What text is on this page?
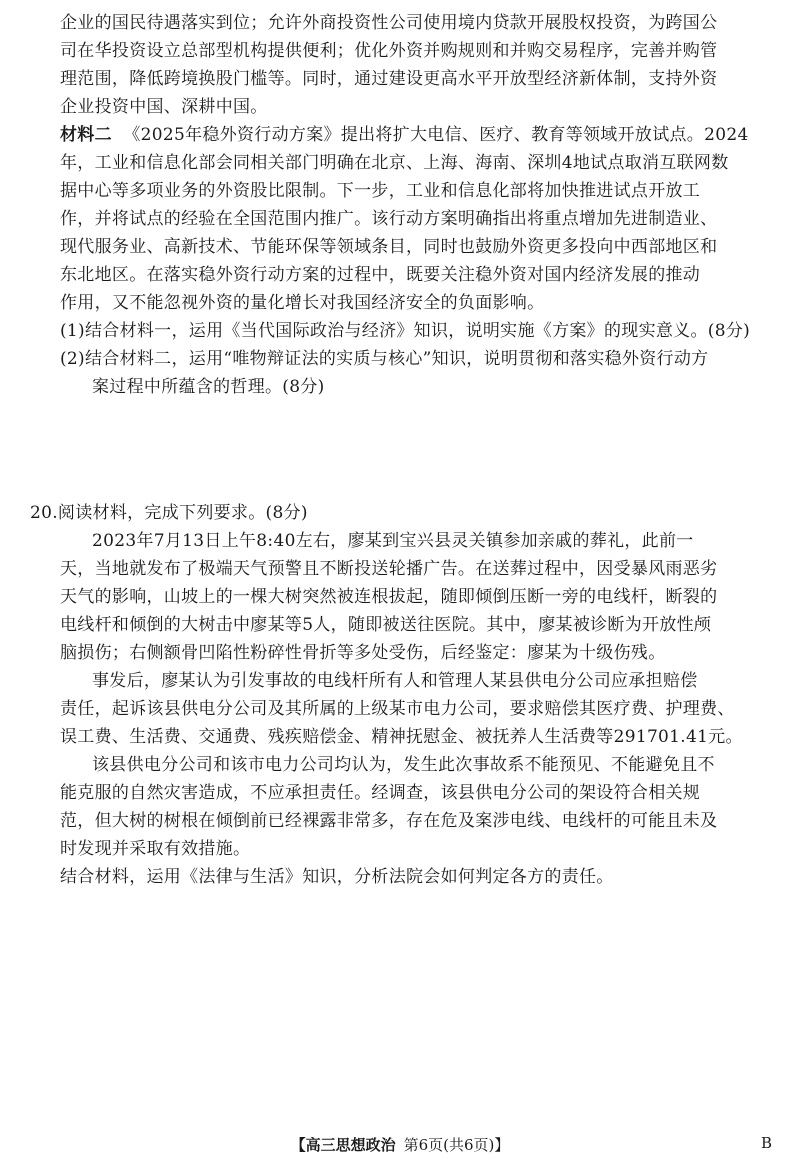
企业的国民待遇落实到位；允许外商投资性公司使用境内贷款开展股权投资，为跨国公
司在华投资设立总部型机构提供便利；优化外资并购规则和并购交易程序，完善并购管
理范围，降低跨境换股门槛等。同时，通过建设更高水平开放型经济新体制，支持外资
企业投资中国、深耕中国。
材料二 《2025年稳外资行动方案》提出将扩大电信、医疗、教育等领域开放试点。2024
年，工业和信息化部会同相关部门明确在北京、上海、海南、深圳4地试点取消互联网数
据中心等多项业务的外资股比限制。下一步，工业和信息化部将加快推进试点开放工
作，并将试点的经验在全国范围内推广。该行动方案明确指出将重点增加先进制造业、
现代服务业、高新技术、节能环保等领域条目，同时也鼓励外资更多投向中西部地区和
东北地区。在落实稳外资行动方案的过程中，既要关注稳外资对国内经济发展的推动
作用，又不能忽视外资的量化增长对我国经济安全的负面影响。
(1)结合材料一，运用《当代国际政治与经济》知识，说明实施《方案》的现实意义。(8分)
(2)结合材料二，运用“唯物辩证法的实质与核心”知识，说明贯彻和落实稳外资行动方
案过程中所蕴含的哲理。(8分)
20.阅读材料，完成下列要求。(8分)
2023年7月13日上午8:40左右，廖某到宝兴县灵关镇参加亲戚的葬礼，此前一
天，当地就发布了极端天气预警且不断投送轮播广告。在送葬过程中，因受暴风雨恶劣
天气的影响，山坡上的一棵大树突然被连根拔起，随即倾倒压断一旁的电线杆，断裂的
电线杆和倾倒的大树击中廖某等5人，随即被送往医院。其中，廖某被诊断为开放性颅
脑损伤；右侧额骨凹陷性粉碎性骨折等多处受伤，后经鉴定：廖某为十级伤残。
事发后，廖某认为引发事故的电线杆所有人和管理人某县供电分公司应承担赔偿
责任，起诉该县供电分公司及其所属的上级某市电力公司，要求赔偿其医疗费、护理费、
误工费、生活费、交通费、残疾赔偿金、精神抚慰金、被抚养人生活费等291701.41元。
该县供电分公司和该市电力公司均认为，发生此次事故系不能预见、不能避免且不
能克服的自然灾害造成，不应承担责任。经调查，该县供电分公司的架设符合相关规
范，但大树的树根在倾倒前已经裸露非常多，存在危及案涉电线、电线杆的可能且未及
时发现并采取有效措施。
结合材料，运用《法律与生活》知识，分析法院会如何判定各方的责任。
【高三思想政治 第6页(共6页)】	B
